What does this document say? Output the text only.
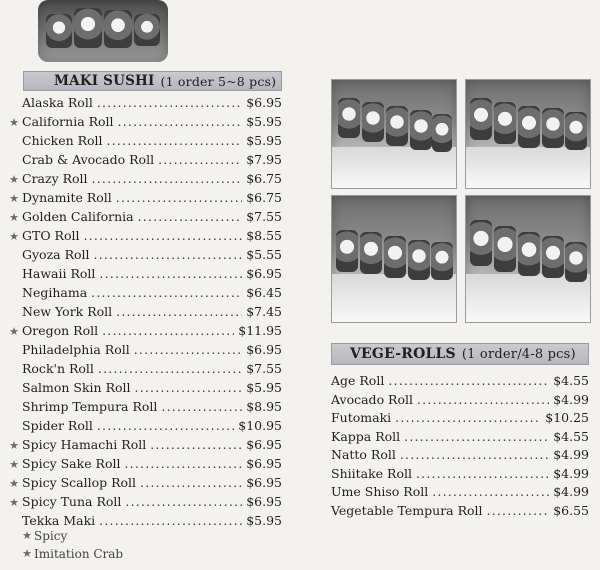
MAKI SUSHI (1 order 5~8 pcs)
Alaska Roll .....	$6.95
★ California Roll .....	$5.95
Chicken Roll .....	$5.95
Crab & Avocado Roll .....	$7.95
★ Crazy Roll .....	$6.75
★ Dynamite Roll .....	$6.75
★ Golden California .....	$7.55
★ GTO Roll .....	$8.55
Gyoza Roll .....	$5.55
Hawaii Roll .....	$6.95
Negihama .....	$6.45
New York Roll .....	$7.45
★ Oregon Roll .....	$11.95
Philadelphia Roll .....	$6.95
Rock'n Roll .....	$7.55
Salmon Skin Roll .....	$5.95
Shrimp Tempura Roll .....	$8.95
Spider Roll .....	$10.95
★ Spicy Hamachi Roll .....	$6.95
★ Spicy Sake Roll .....	$6.95
★ Spicy Scallop Roll .....	$6.95
★ Spicy Tuna Roll .....	$6.95
Tekka Maki .....	$5.95
★ Spicy
★ Imitation Crab
VEGE-ROLLS (1 order/4-8 pcs)
Age Roll .....	$4.55
Avocado Roll .....	$4.99
Futomaki .....	$10.25
Kappa Roll .....	$4.55
Natto Roll .....	$4.99
Shiitake Roll .....	$4.99
Ume Shiso Roll .....	$4.99
Vegetable Tempura Roll .....	$6.55
